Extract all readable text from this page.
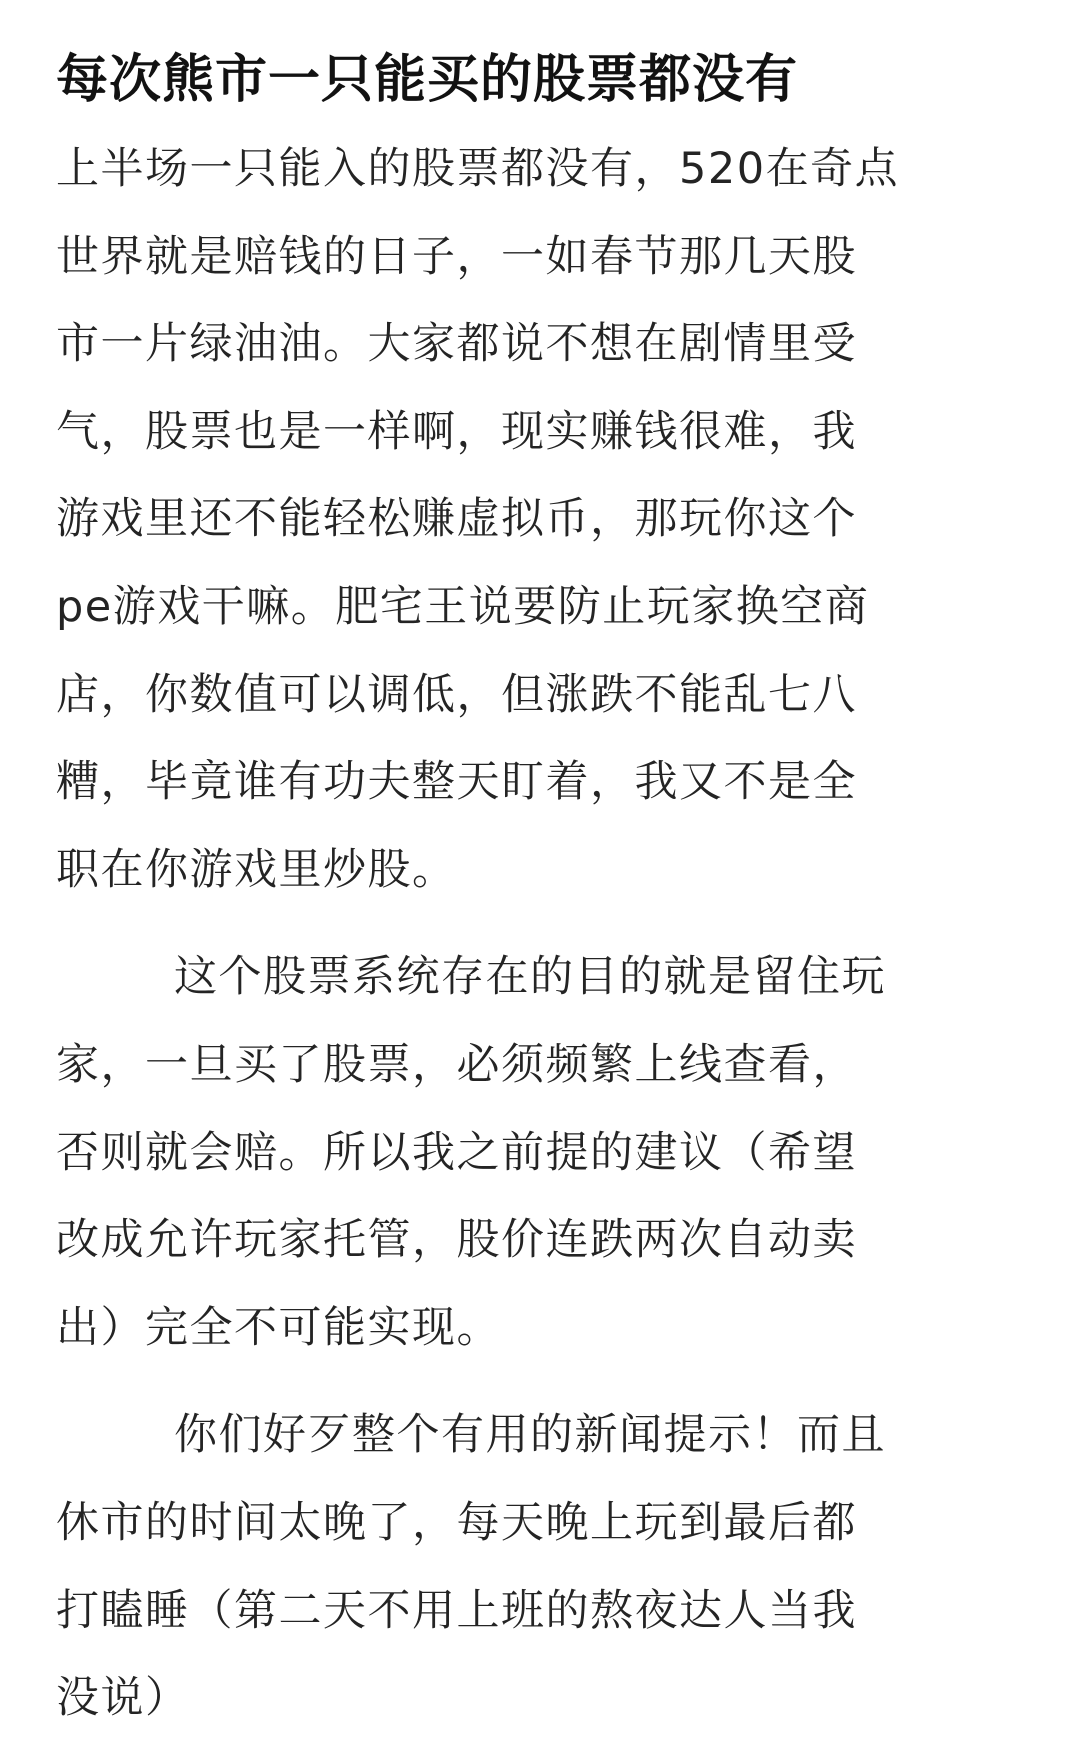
每次熊市一只能买的股票都没有
上半场一只能入的股票都没有，520在奇点
世界就是赔钱的日子，一如春节那几天股
市一片绿油油。大家都说不想在剧情里受
气，股票也是一样啊，现实赚钱很难，我
游戏里还不能轻松赚虚拟币，那玩你这个
pe游戏干嘛。肥宅王说要防止玩家换空商
店，你数值可以调低，但涨跌不能乱七八
糟，毕竟谁有功夫整天盯着，我又不是全
职在你游戏里炒股。
这个股票系统存在的目的就是留住玩
家，一旦买了股票，必须频繁上线查看，
否则就会赔。所以我之前提的建议（希望
改成允许玩家托管，股价连跌两次自动卖
出）完全不可能实现。
你们好歹整个有用的新闻提示！而且
休市的时间太晚了，每天晚上玩到最后都
打瞌睡（第二天不用上班的熬夜达人当我
没说）
